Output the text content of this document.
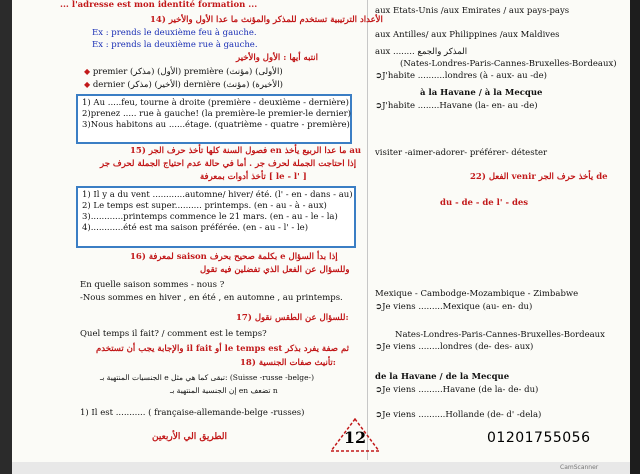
... l'adresse est mon identité formation ...
14) الأعداد الترتيبية تستخدم للمذكر والمؤنث ما عدا الأول والأخير
Ex : prends le deuxième feu à gauche.
Ex : prends la deuxième rue à gauche.
انتبه أيها : الأول والأخير
◆ premier (مذكر) (الأول) première (مؤنث) (الأولى)
◆ dernier (مذكر) (الأخير) dernière (مؤنث) (الأخيرة)
1) Au .....feu, tourne à droite (première - deuxième - dernière)
2)prenez ..... rue à gauche! (la première-le premier-le dernier)
3)Nous habitons au ......étage. (quatrième - quatre - première)
15) فصول السنة كلها تأخذ حرف الجر en ما عدا الربيع يأخذ au
إذا احتاجت الجملة لحرف جر . أما في حالة عدم احتياج الجملة لحرف جر
تأخذ أدوات بمعرفة [ le - l' ]
1) Il y a du vent ............automne/ hiver/ été. (l' - en - dans - au)
2) Le temps est super.......... printemps. (en - au - à - aux)
3)............printemps commence le 21 mars. (en - au - le - la)
4)............été est ma saison préférée. (en - au - l' - le)
16) لمعرفة saison بكلمة صحيح بحرف e إذا بدأ السؤال
وللسؤال عن الفعل الذي تفضلين فيه تقول
En quelle saison sommes - nous ?
-Nous sommes en hiver , en été , en automne , au printemps.
17) للسؤال عن الطقس نقول:
Quel temps il fait? / comment est le temps?
والإجابة يجب أن تستخدم il fait أو le temps est ثم صفة يفرد بذكر
18) تأنيث صفات الجنسية:
الجنسيات المنتهية بـ e تبقى كما هي مثل: (Suisse -russe -belge-)
إن الجنسية المنتهية بـ en تضعف n
1) Il est ........... ( française-allemande-belge -russes)
الطريق الي الأربعين
aux Etats-Unis /aux Emirates / aux pays-pays
aux Antilles/ aux Philippines /aux Maldives
aux ........ المذكر والجمع
(Nates-Londres-Paris-Cannes-Bruxelles-Bordeaux)
➲J'habite ..........londres (à - aux- au -de)
à la Havane / à la Mecque
➲J'habite ........Havane (la- en- au -de)
visiter -aimer-adorer- préférer- détester
22) الفعل venir يأخذ حرف الجر de
du - de - de l' - des
Mexique - Cambodge-Mozambique - Zimbabwe
➲Je viens .........Mexique (au- en- du)
Nates-Londres-Paris-Cannes-Bruxelles-Bordeaux
➲Je viens ........londres (de- des- aux)
de la Havane / de la Mecque
➲Je viens .........Havane (de la- de- du)
➲Je viens ..........Hollande (de- d' -dela)
12	01201755056
CamScanner
